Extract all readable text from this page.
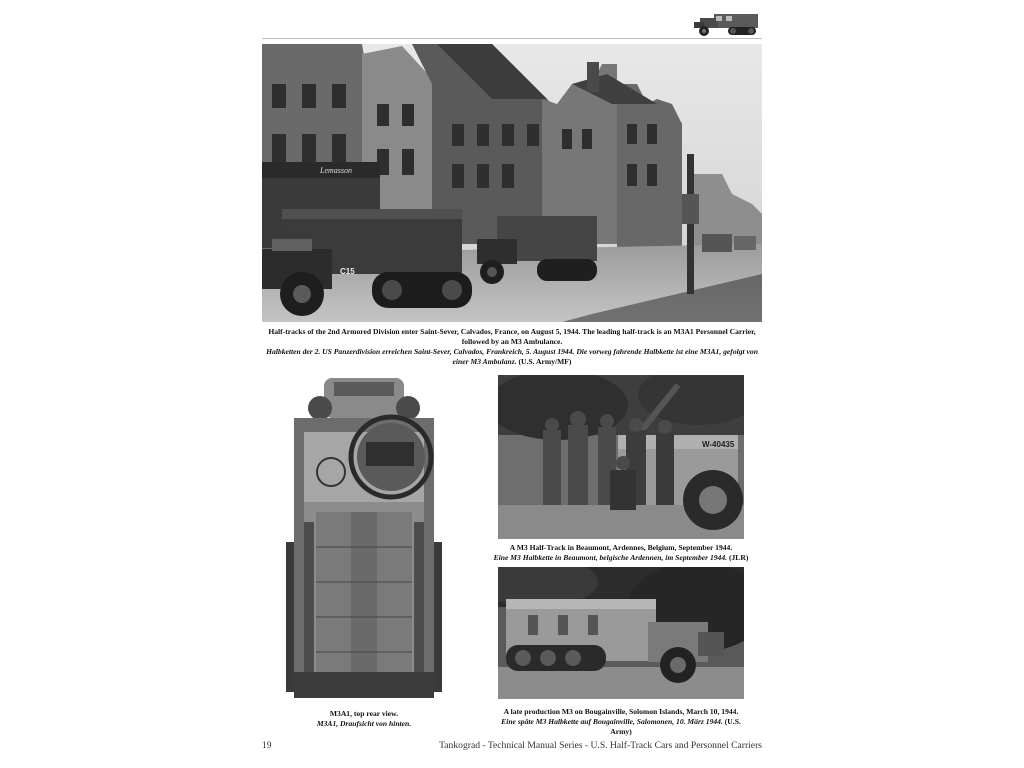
Lemasson
C15
Half-tracks of the 2nd Armored Division enter Saint-Sever, Calvados, France, on August 5, 1944. The leading half-track is an M3A1 Personnel Carrier, followed by an M3 Ambulance.
Halbketten der 2. US Panzerdivision erreichen Saint-Sever, Calvados, Frankreich, 5. August 1944. Die vorweg fahrende Halbkette ist eine M3A1, gefolgt von einer M3 Ambulanz. (U.S. Army/MF)
M3A1, top rear view.
M3A1, Draufsicht von hinten.
W-40435
A M3 Half-Track in Beaumont, Ardennes, Belgium, September 1944.
Eine M3 Halbkette in Beaumont, belgische Ardennen, im September 1944. (JLR)
A late production M3 on Bougainville, Solomon Islands, March 10, 1944.
Eine späte M3 Halbkette auf Bougainville, Salomonen, 10. März 1944. (U.S. Army)
19	Tankograd - Technical Manual Series - U.S. Half-Track Cars and Personnel Carriers
